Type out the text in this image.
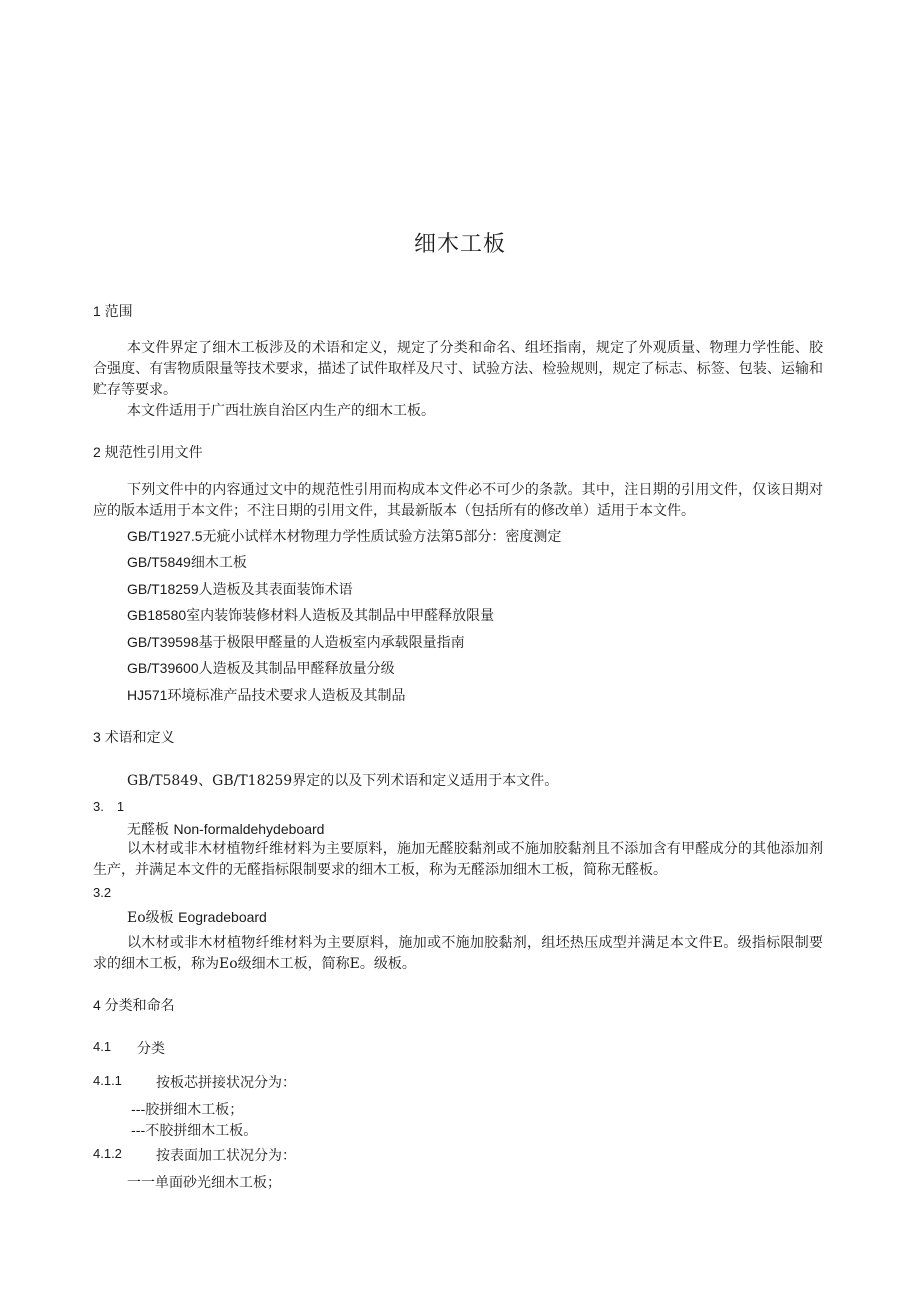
细木工板
1 范围
本文件界定了细木工板涉及的术语和定义，规定了分类和命名、组坯指南，规定了外观质量、物理力学性能、胶合强度、有害物质限量等技术要求，描述了试件取样及尺寸、试验方法、检验规则，规定了标志、标签、包装、运输和贮存等要求。
本文件适用于广西壮族自治区内生产的细木工板。
2 规范性引用文件
下列文件中的内容通过文中的规范性引用而构成本文件必不可少的条款。其中，注日期的引用文件，仅该日期对应的版本适用于本文件；不注日期的引用文件，其最新版本（包括所有的修改单）适用于本文件。
GB/T1927.5无疵小试样木材物理力学性质试验方法第5部分：密度测定
GB/T5849细木工板
GB/T18259人造板及其表面装饰术语
GB18580室内装饰装修材料人造板及其制品中甲醛释放限量
GB/T39598基于极限甲醛量的人造板室内承载限量指南
GB/T39600人造板及其制品甲醛释放量分级
HJ571环境标准产品技术要求人造板及其制品
3 术语和定义
GB/T5849、GB/T18259界定的以及下列术语和定义适用于本文件。
3.　1
无醛板 Non-formaldehydeboard
以木材或非木材植物纤维材料为主要原料，施加无醛胶黏剂或不施加胶黏剂且不添加含有甲醛成分的其他添加剂生产，并满足本文件的无醛指标限制要求的细木工板，称为无醛添加细木工板，简称无醛板。
3.2
Eo级板 Eogradeboard
以木材或非木材植物纤维材料为主要原料，施加或不施加胶黏剂，组坯热压成型并满足本文件E。级指标限制要求的细木工板，称为Eo级细木工板，简称E。级板。
4 分类和命名
4.1 分类
4.1.1 按板芯拼接状况分为：
---胶拼细木工板；
---不胶拼细木工板。
4.1.2 按表面加工状况分为：
一一单面砂光细木工板；
